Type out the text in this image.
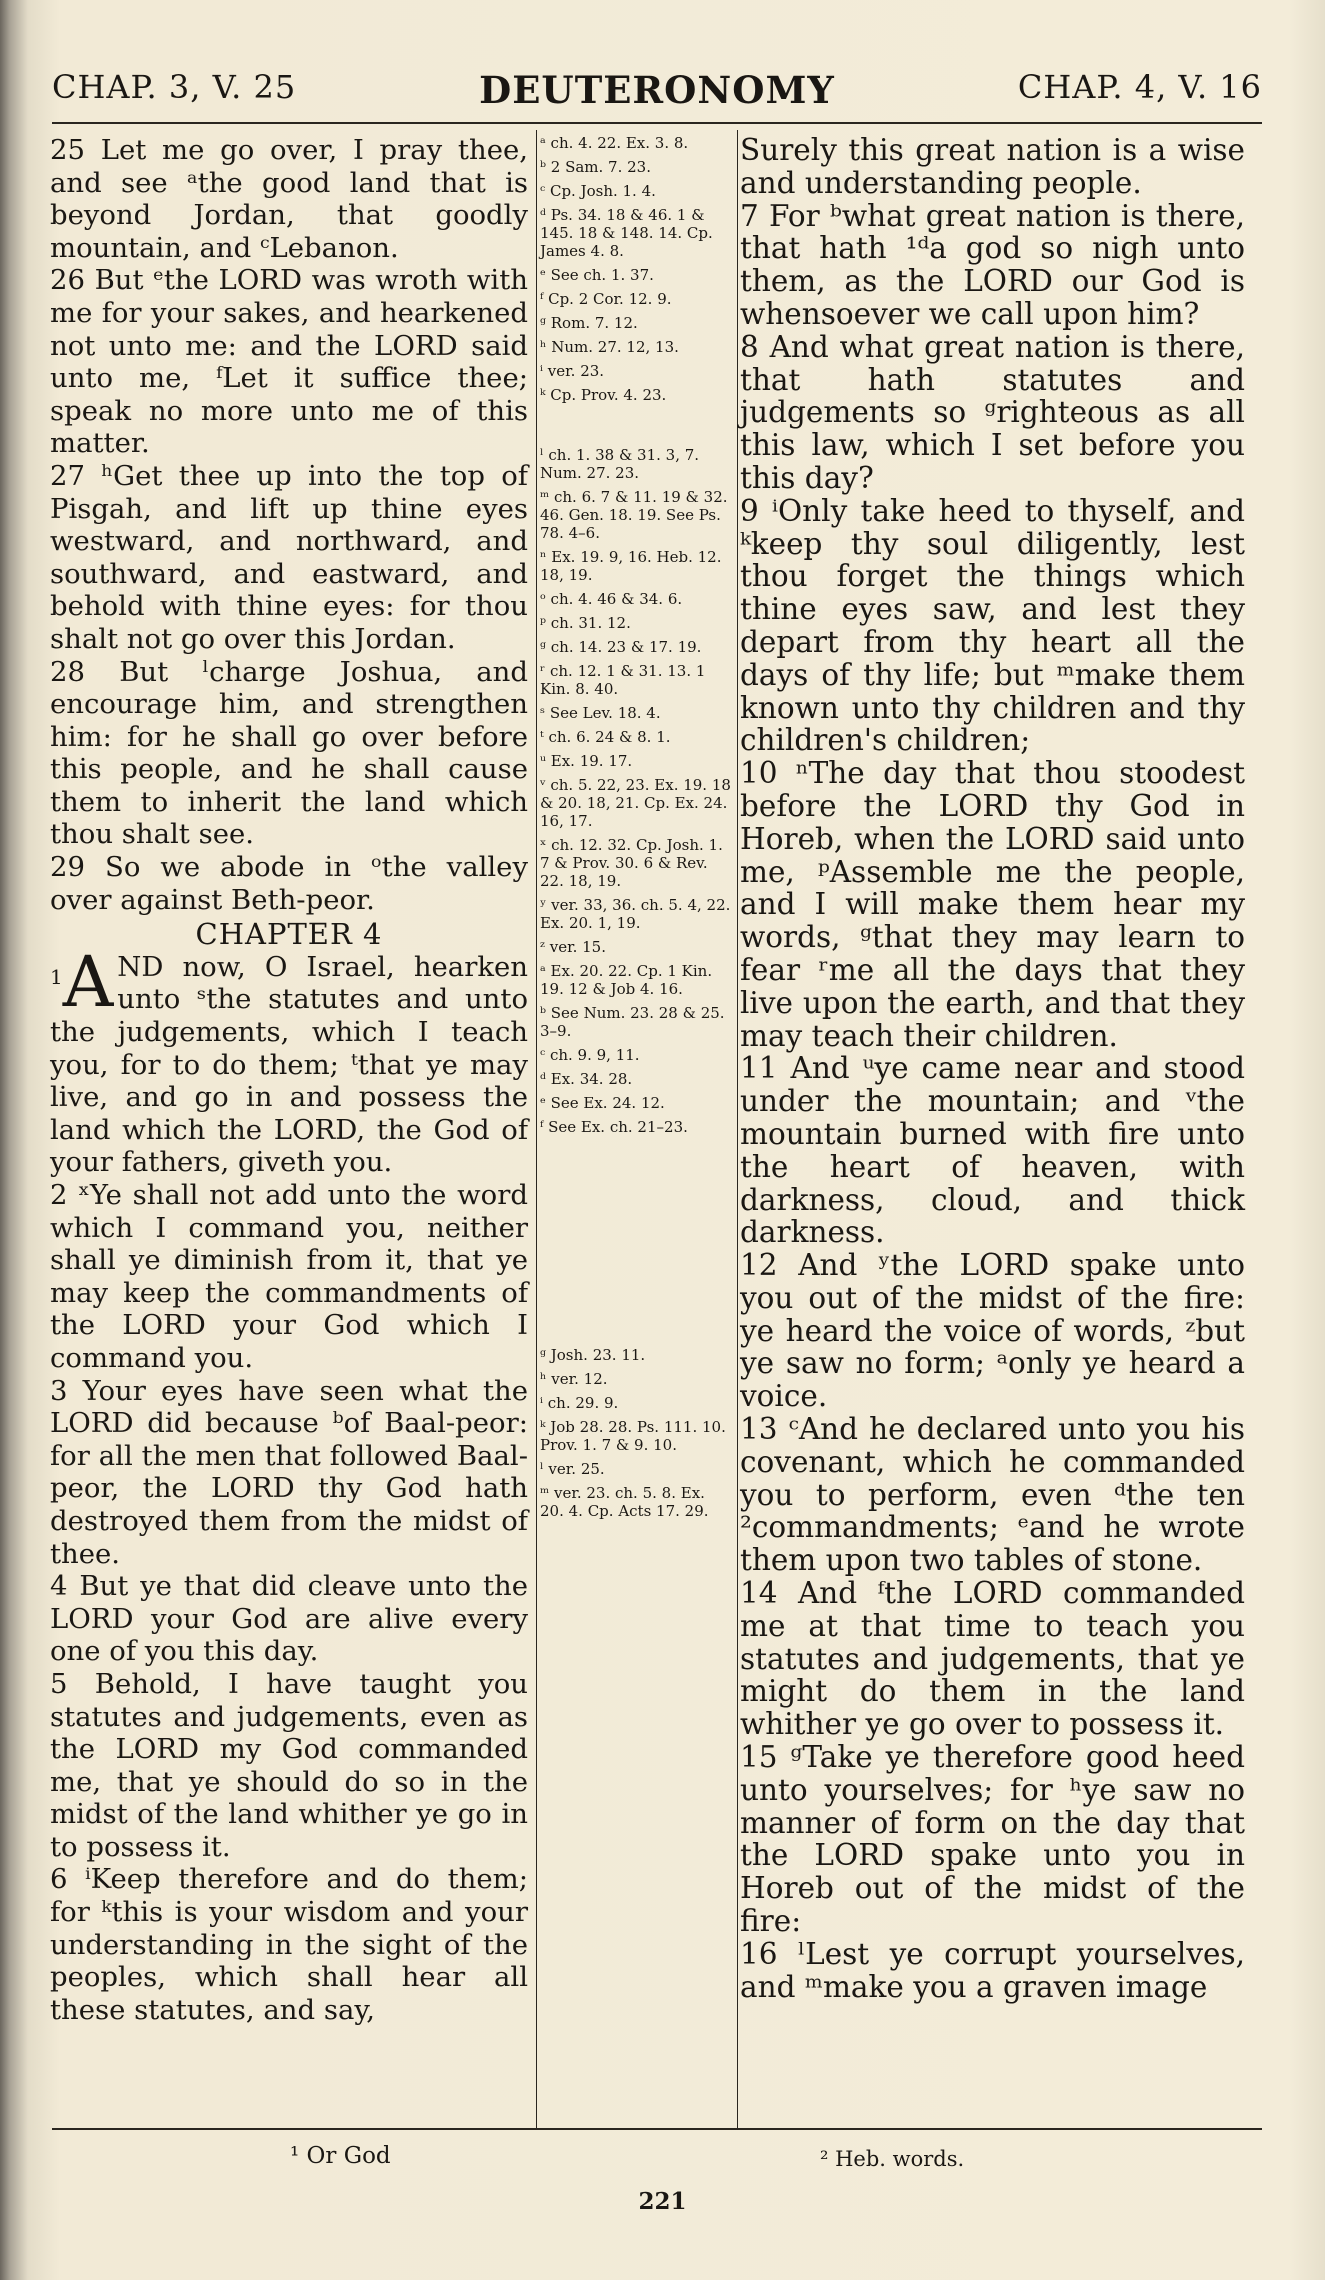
CHAP. 3, V. 25	DEUTERONOMY	CHAP. 4, V. 16

25 Let me go over, I pray thee, and see ᵃthe good land that is beyond Jordan, that goodly mountain, and ᶜLebanon.

26 But ᵉthe LORD was wroth with me for your sakes, and hearkened not unto me: and the LORD said unto me, ᶠLet it suffice thee; speak no more unto me of this matter.

27 ʰGet thee up into the top of Pisgah, and lift up thine eyes westward, and northward, and southward, and eastward, and behold with thine eyes: for thou shalt not go over this Jordan.

28 But ˡcharge Joshua, and encourage him, and strengthen him: for he shall go over before this people, and he shall cause them to inherit the land which thou shalt see.

29 So we abode in ᵒthe valley over against Beth-peor.

CHAPTER 4

1 A ND now, O Israel, hearken unto ˢthe statutes and unto the judgements, which I teach you, for to do them; ᵗthat ye may live, and go in and possess the land which the LORD, the God of your fathers, giveth you.

2 ˣYe shall not add unto the word which I command you, neither shall ye diminish from it, that ye may keep the commandments of the LORD your God which I command you.

3 Your eyes have seen what the LORD did because ᵇof Baal-peor: for all the men that followed Baal-peor, the LORD thy God hath destroyed them from the midst of thee.

4 But ye that did cleave unto the LORD your God are alive every one of you this day.

5 Behold, I have taught you statutes and judgements, even as the LORD my God commanded me, that ye should do so in the midst of the land whither ye go in to possess it.

6 ⁱKeep therefore and do them; for ᵏthis is your wisdom and your understanding in the sight of the peoples, which shall hear all these statutes, and say,

ᵃ ch. 4. 22. Ex. 3. 8.
ᵇ 2 Sam. 7. 23.
ᶜ Cp. Josh. 1. 4.
ᵈ Ps. 34. 18 & 46. 1 & 145. 18 & 148. 14. Cp. James 4. 8.
ᵉ See ch. 1. 37.
ᶠ Cp. 2 Cor. 12. 9.
ᵍ Rom. 7. 12.
ʰ Num. 27. 12, 13.
ⁱ ver. 23.
ᵏ Cp. Prov. 4. 23.
ˡ ch. 1. 38 & 31. 3, 7. Num. 27. 23.
ᵐ ch. 6. 7 & 11. 19 & 32. 46. Gen. 18. 19. See Ps. 78. 4–6.
ⁿ Ex. 19. 9, 16. Heb. 12. 18, 19.
ᵒ ch. 4. 46 & 34. 6.
ᵖ ch. 31. 12.
ᵍ ch. 14. 23 & 17. 19.
ʳ ch. 12. 1 & 31. 13. 1 Kin. 8. 40.
ˢ See Lev. 18. 4.
ᵗ ch. 6. 24 & 8. 1.
ᵘ Ex. 19. 17.
ᵛ ch. 5. 22, 23. Ex. 19. 18 & 20. 18, 21. Cp. Ex. 24. 16, 17.
ˣ ch. 12. 32. Cp. Josh. 1. 7 & Prov. 30. 6 & Rev. 22. 18, 19.
ʸ ver. 33, 36. ch. 5. 4, 22. Ex. 20. 1, 19.
ᶻ ver. 15.
ᵃ Ex. 20. 22. Cp. 1 Kin. 19. 12 & Job 4. 16.
ᵇ See Num. 23. 28 & 25. 3–9.
ᶜ ch. 9. 9, 11.
ᵈ Ex. 34. 28.
ᵉ See Ex. 24. 12.
ᶠ See Ex. ch. 21–23.
ᵍ Josh. 23. 11.
ʰ ver. 12.
ⁱ ch. 29. 9.
ᵏ Job 28. 28. Ps. 111. 10. Prov. 1. 7 & 9. 10.
ˡ ver. 25.
ᵐ ver. 23. ch. 5. 8. Ex. 20. 4. Cp. Acts 17. 29.

Surely this great nation is a wise and understanding people.

7 For ᵇwhat great nation is there, that hath ¹ᵈa god so nigh unto them, as the LORD our God is whensoever we call upon him?

8 And what great nation is there, that hath statutes and judgements so ᵍrighteous as all this law, which I set before you this day?

9 ⁱOnly take heed to thyself, and ᵏkeep thy soul diligently, lest thou forget the things which thine eyes saw, and lest they depart from thy heart all the days of thy life; but ᵐmake them known unto thy children and thy children's children;

10 ⁿThe day that thou stoodest before the LORD thy God in Horeb, when the LORD said unto me, ᵖAssemble me the people, and I will make them hear my words, ᵍthat they may learn to fear ʳme all the days that they live upon the earth, and that they may teach their children.

11 And ᵘye came near and stood under the mountain; and ᵛthe mountain burned with fire unto the heart of heaven, with darkness, cloud, and thick darkness.

12 And ʸthe LORD spake unto you out of the midst of the fire: ye heard the voice of words, ᶻbut ye saw no form; ᵃonly ye heard a voice.

13 ᶜAnd he declared unto you his covenant, which he commanded you to perform, even ᵈthe ten ²commandments; ᵉand he wrote them upon two tables of stone.

14 And ᶠthe LORD commanded me at that time to teach you statutes and judgements, that ye might do them in the land whither ye go over to possess it.

15 ᵍTake ye therefore good heed unto yourselves; for ʰye saw no manner of form on the day that the LORD spake unto you in Horeb out of the midst of the fire:

16 ˡLest ye corrupt yourselves, and ᵐmake you a graven image

¹ Or God	² Heb. words.
221
